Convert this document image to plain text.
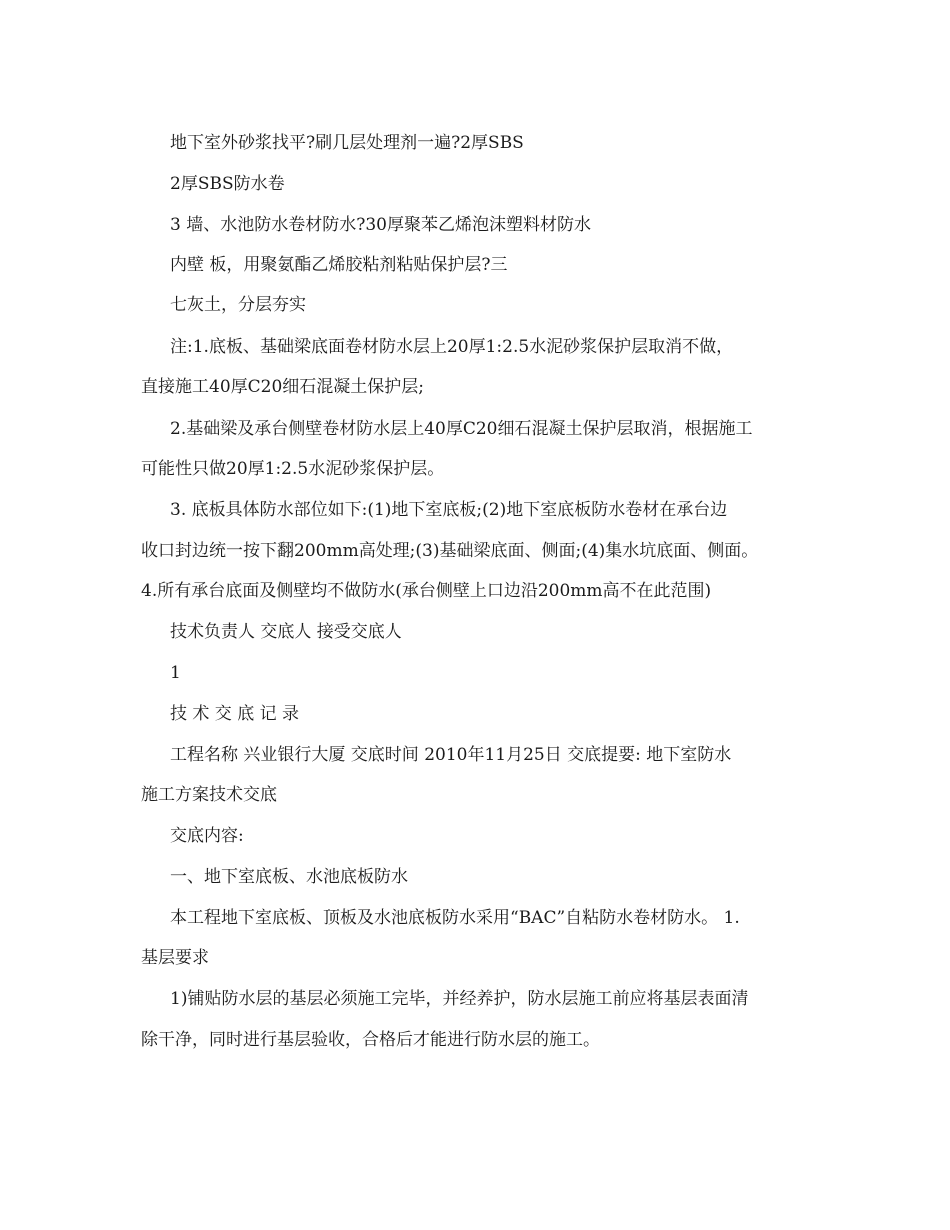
地下室外砂浆找平?刷几层处理剂一遍?2厚SBS

2厚SBS防水卷

3 墙、水池防水卷材防水?30厚聚苯乙烯泡沫塑料材防水

内壁 板，用聚氨酯乙烯胶粘剂粘贴保护层?三

七灰土，分层夯实

注:1.底板、基础梁底面卷材防水层上20厚1:2.5水泥砂浆保护层取消不做，

直接施工40厚C20细石混凝土保护层;

2.基础梁及承台侧壁卷材防水层上40厚C20细石混凝土保护层取消，根据施工

可能性只做20厚1:2.5水泥砂浆保护层。

3. 底板具体防水部位如下:(1)地下室底板;(2)地下室底板防水卷材在承台边

收口封边统一按下翻200mm高处理;(3)基础梁底面、侧面;(4)集水坑底面、侧面。

4.所有承台底面及侧壁均不做防水(承台侧壁上口边沿200mm高不在此范围)

技术负责人 交底人 接受交底人

1

技 术 交 底 记 录

工程名称 兴业银行大厦 交底时间 2010年11月25日 交底提要: 地下室防水

施工方案技术交底

交底内容:

一、地下室底板、水池底板防水

本工程地下室底板、顶板及水池底板防水采用“BAC”自粘防水卷材防水。 1.

基层要求

1)铺贴防水层的基层必须施工完毕，并经养护，防水层施工前应将基层表面清

除干净，同时进行基层验收，合格后才能进行防水层的施工。
